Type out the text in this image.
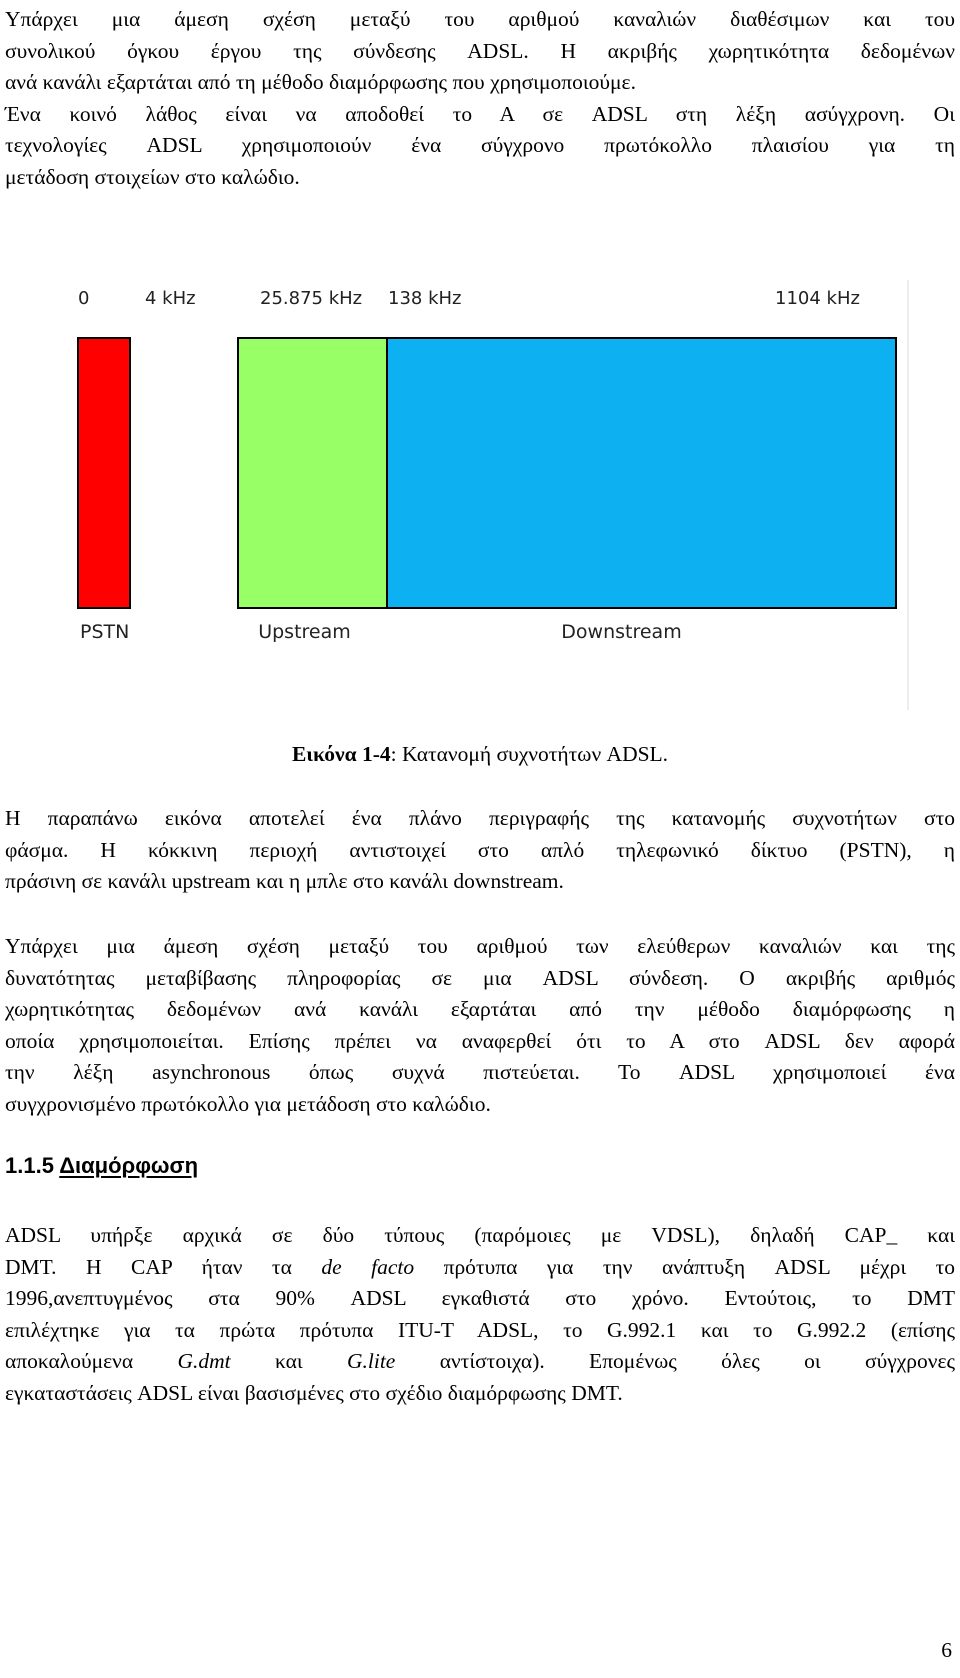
Υπάρχει μια άμεση σχέση μεταξύ του αριθμού καναλιών διαθέσιμων και του
συνολικού όγκου έργου της σύνδεσης ADSL. Η ακριβής χωρητικότητα δεδομένων
ανά κανάλι εξαρτάται από τη μέθοδο διαμόρφωσης που χρησιμοποιούμε.
Ένα κοινό λάθος είναι να αποδοθεί το Α σε ADSL στη λέξη ασύγχρονη. Οι
τεχνολογίες ADSL χρησιμοποιούν ένα σύγχρονο πρωτόκολλο πλαισίου για τη
μετάδοση στοιχείων στο καλώδιο.

0	4 kHz	25.875 kHz 138 kHz	1104 kHz
PSTN	Upstream	Downstream
Εικόνα 1-4: Κατανομή συχνοτήτων ADSL.

Η παραπάνω εικόνα αποτελεί ένα πλάνο περιγραφής της κατανομής συχνοτήτων στο
φάσμα. Η κόκκινη περιοχή αντιστοιχεί στο απλό τηλεφωνικό δίκτυο (PSTN), η
πράσινη σε κανάλι upstream και η μπλε στο κανάλι downstream.

Υπάρχει μια άμεση σχέση μεταξύ του αριθμού των ελεύθερων καναλιών και της
δυνατότητας μεταβίβασης πληροφορίας σε μια ADSL σύνδεση. Ο ακριβής αριθμός
χωρητικότητας δεδομένων ανά κανάλι εξαρτάται από την μέθοδο διαμόρφωσης η
οποία χρησιμοποιείται. Επίσης πρέπει να αναφερθεί ότι το Α στο ADSL δεν αφορά
την λέξη asynchronous όπως συχνά πιστεύεται. Το ADSL χρησιμοποιεί ένα
συγχρονισμένο πρωτόκολλο για μετάδοση στο καλώδιο.

1.1.5 Διαμόρφωση

ADSL υπήρξε αρχικά σε δύο τύπους (παρόμοιες με VDSL), δηλαδή CAP_ και
DMT. Η CAP ήταν τα de facto πρότυπα για την ανάπτυξη ADSL μέχρι το
1996,ανεπτυγμένος στα 90% ADSL εγκαθιστά στο χρόνο. Εντούτοις, το DMT
επιλέχτηκε για τα πρώτα πρότυπα ITU-T ADSL, το G.992.1 και το G.992.2 (επίσης
αποκαλούμενα G.dmt και G.lite αντίστοιχα). Επομένως όλες οι σύγχρονες
εγκαταστάσεις ADSL είναι βασισμένες στο σχέδιο διαμόρφωσης DMT.

6
